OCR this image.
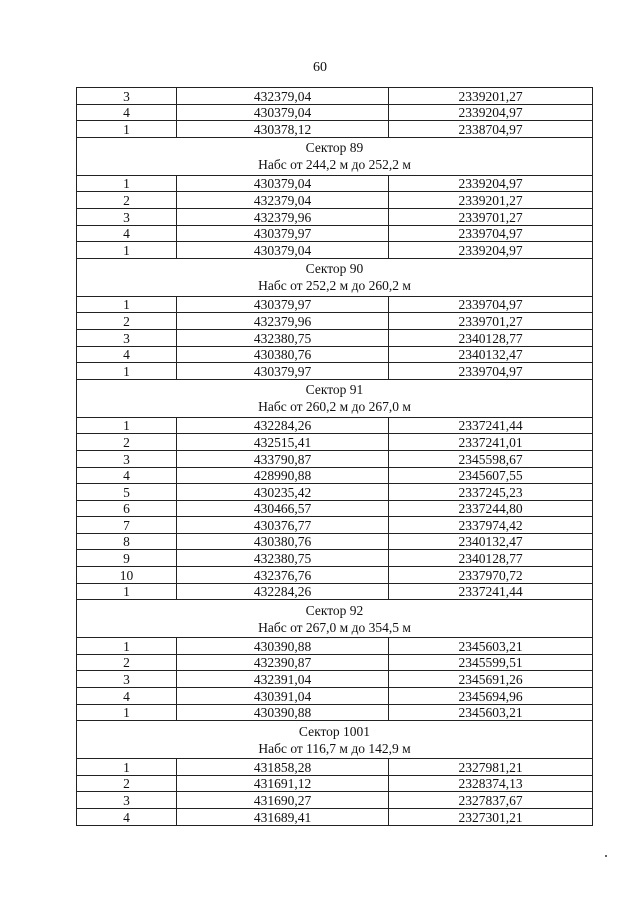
60
3	432379,04	2339201,27
4	430379,04	2339204,97
1	430378,12	2338704,97

Сектор 89
Набс от 244,2 м до 252,2 м		

1	430379,04	2339204,97
2	432379,04	2339201,27
3	432379,96	2339701,27
4	430379,97	2339704,97
1	430379,04	2339204,97

Сектор 90
Набс от 252,2 м до 260,2 м		

1	430379,97	2339704,97
2	432379,96	2339701,27
3	432380,75	2340128,77
4	430380,76	2340132,47
1	430379,97	2339704,97

Сектор 91
Набс от 260,2 м до 267,0 м		

1	432284,26	2337241,44
2	432515,41	2337241,01
3	433790,87	2345598,67
4	428990,88	2345607,55
5	430235,42	2337245,23
6	430466,57	2337244,80
7	430376,77	2337974,42
8	430380,76	2340132,47
9	432380,75	2340128,77
10	432376,76	2337970,72
1	432284,26	2337241,44

Сектор 92
Набс от 267,0 м до 354,5 м		

1	430390,88	2345603,21
2	432390,87	2345599,51
3	432391,04	2345691,26
4	430391,04	2345694,96
1	430390,88	2345603,21

Сектор 1001
Набс от 116,7 м до 142,9 м		

1	431858,28	2327981,21
2	431691,12	2328374,13
3	431690,27	2327837,67
4	431689,41	2327301,21
